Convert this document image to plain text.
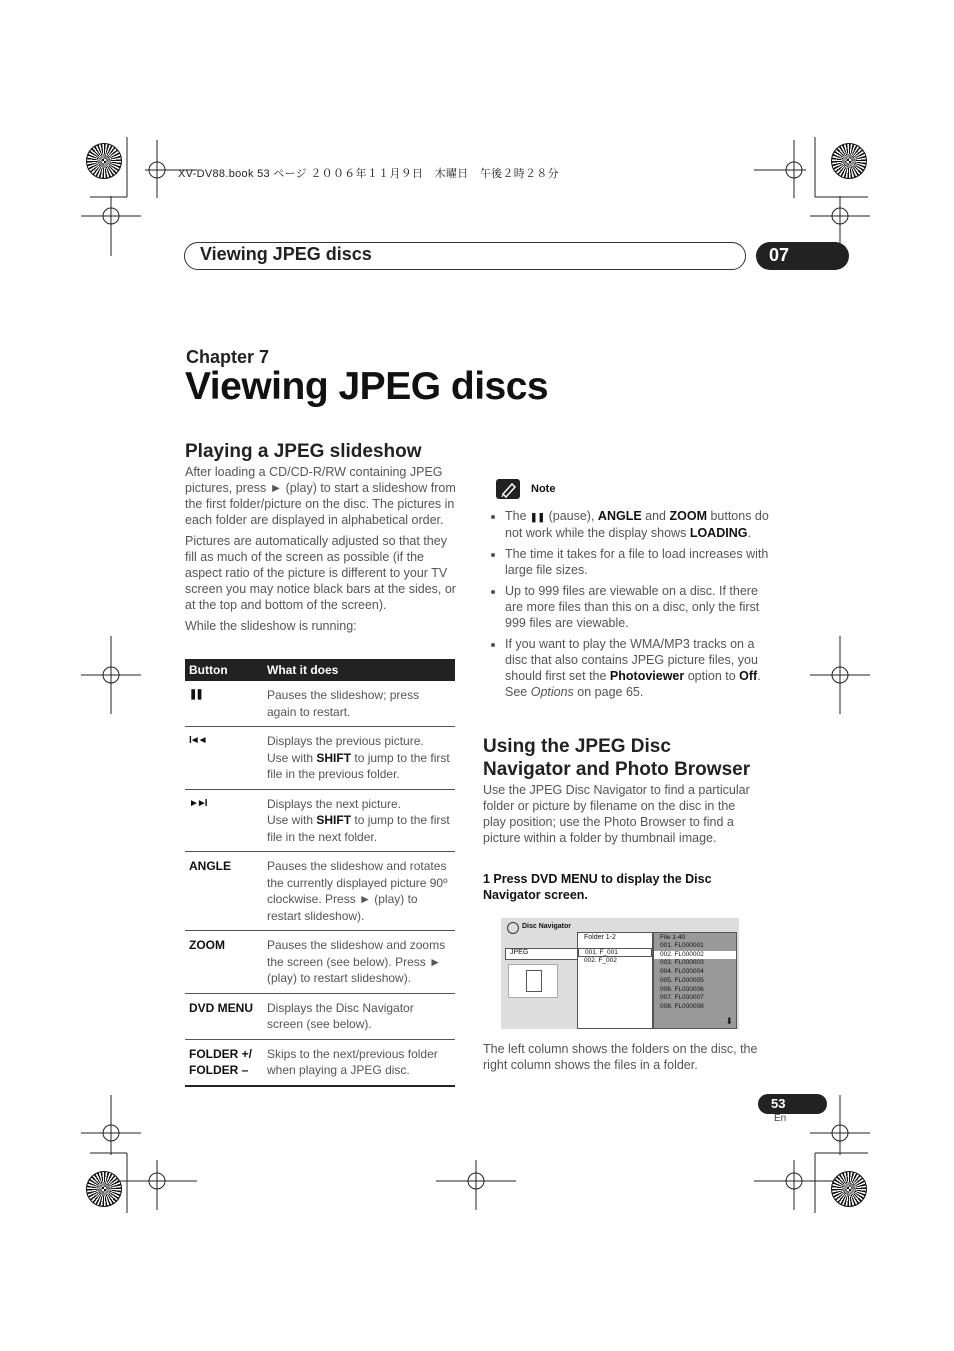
XV-DV88.book 53 ページ ２００６年１１月９日　木曜日　午後２時２８分
Viewing JPEG discs	07
Chapter 7
Viewing JPEG discs
Playing a JPEG slideshow

After loading a CD/CD-R/RW containing JPEG pictures, press ► (play) to start a slideshow from the first folder/picture on the disc. The pictures in each folder are displayed in alphabetical order.

Pictures are automatically adjusted so that they fill as much of the screen as possible (if the aspect ratio of the picture is different to your TV screen you may notice black bars at the sides, or at the top and bottom of the screen).

While the slideshow is running:

Button	What it does
❚❚	Pauses the slideshow; press again to restart.
I◄◄	Displays the previous picture.
Use with SHIFT to jump to the first file in the previous folder.
►►I	Displays the next picture.
Use with SHIFT to jump to the first file in the next folder.
ANGLE	Pauses the slideshow and rotates the currently displayed picture 90º clockwise. Press ► (play) to restart slideshow).
ZOOM	Pauses the slideshow and zooms the screen (see below). Press ► (play) to restart slideshow).
DVD MENU	Displays the Disc Navigator screen (see below).
FOLDER +/ FOLDER –	Skips to the next/previous folder when playing a JPEG disc.
Note
• The ❚❚ (pause), ANGLE and ZOOM buttons do not work while the display shows LOADING.
• The time it takes for a file to load increases with large file sizes.
• Up to 999 files are viewable on a disc. If there are more files than this on a disc, only the first 999 files are viewable.
• If you want to play the WMA/MP3 tracks on a disc that also contains JPEG picture files, you should first set the Photoviewer option to Off. See Options on page 65.
Using the JPEG Disc Navigator and Photo Browser

Use the JPEG Disc Navigator to find a particular folder or picture by filename on the disc in the play position; use the Photo Browser to find a picture within a folder by thumbnail image.

1 Press DVD MENU to display the Disc Navigator screen.
Disc Navigator
JPEG
Folder 1-2
001. F_001
002. F_002
File 1-40
001. FL000001
002. FL000002
003. FL000003
004. FL000004
005. FL000005
006. FL000006
007. FL000007
008. FL000008
⬇

The left column shows the folders on the disc, the right column shows the files in a folder.

53
En
